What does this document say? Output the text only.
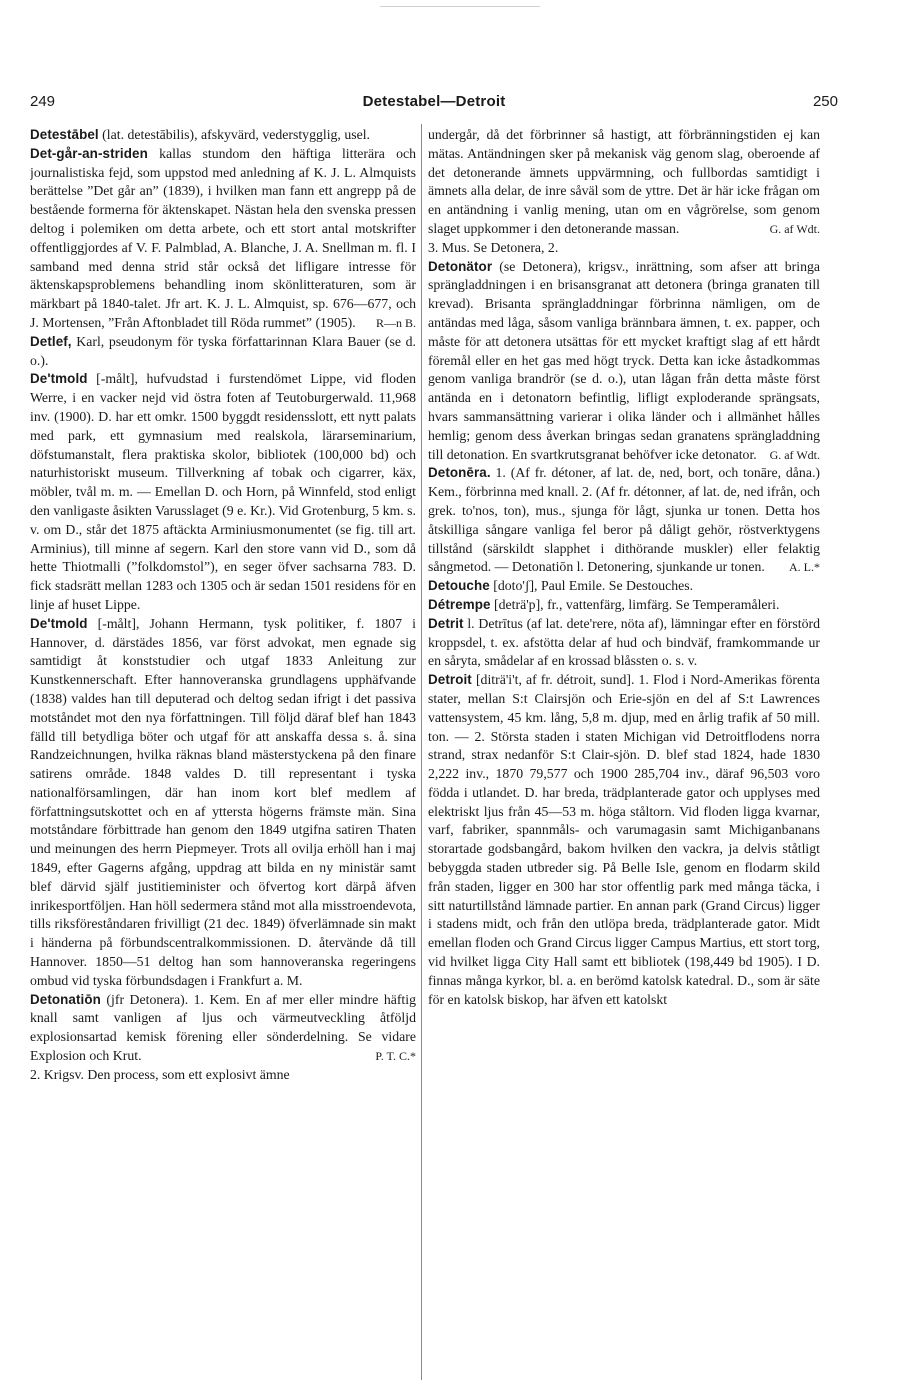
249	Detestabel—Detroit	250

Detestābel (lat. detestābilis), afskyvärd, vederstygglig, usel.

Det-går-an-striden kallas stundom den häftiga litterära och journalistiska fejd, som uppstod med anledning af K. J. L. Almquists berättelse ”Det går an” (1839), i hvilken man fann ett angrepp på de bestående formerna för äktenskapet. Nästan hela den svenska pressen deltog i polemiken om detta arbete, och ett stort antal motskrifter offentliggjordes af V. F. Palmblad, A. Blanche, J. A. Snellman m. fl. I samband med denna strid står också det lifligare intresse för äktenskapsproblemens behandling inom skönlitteraturen, som är märkbart på 1840-talet. Jfr art. K. J. L. Almquist, sp. 676—677, och J. Mortensen, ”Från Aftonbladet till Röda rummet” (1905). R—n B.

Detlef, Karl, pseudonym för tyska författarinnan Klara Bauer (se d. o.).

De'tmold [-målt], hufvudstad i furstendömet Lippe, vid floden Werre, i en vacker nejd vid östra foten af Teutoburgerwald. 11,968 inv. (1900). D. har ett omkr. 1500 byggdt residensslott, ett nytt palats med park, ett gymnasium med realskola, lärarseminarium, döfstumanstalt, flera praktiska skolor, bibliotek (100,000 bd) och naturhistoriskt museum. Tillverkning af tobak och cigarrer, käx, möbler, tvål m. m. — Emellan D. och Horn, på Winnfeld, stod enligt den vanligaste åsikten Varusslaget (9 e. Kr.). Vid Grotenburg, 5 km. s. v. om D., står det 1875 aftäckta Arminiusmonumentet (se fig. till art. Arminius), till minne af segern. Karl den store vann vid D., som då hette Thiotmalli (”folkdomstol”), en seger öfver sachsarna 783. D. fick stadsrätt mellan 1283 och 1305 och är sedan 1501 residens för en linje af huset Lippe.

De'tmold [-målt], Johann Hermann, tysk politiker, f. 1807 i Hannover, d. därstädes 1856, var först advokat, men egnade sig samtidigt åt konststudier och utgaf 1833 Anleitung zur Kunstkennerschaft. Efter hannoveranska grundlagens upphäfvande (1838) valdes han till deputerad och deltog sedan ifrigt i det passiva motståndet mot den nya författningen. Till följd däraf blef han 1843 fälld till betydliga böter och utgaf för att anskaffa dessa s. å. sina Randzeichnungen, hvilka räknas bland mästerstyckena på den finare satirens område. 1848 valdes D. till representant i tyska nationalförsamlingen, där han inom kort blef medlem af författningsutskottet och en af yttersta högerns främste män. Sina motståndare förbittrade han genom den 1849 utgifna satiren Thaten und meinungen des herrn Piepmeyer. Trots all ovilja erhöll han i maj 1849, efter Gagerns afgång, uppdrag att bilda en ny ministär samt blef därvid själf justitieminister och öfvertog kort därpå äfven inrikesportföljen. Han höll sedermera stånd mot alla misstroendevota, tills riksföreståndaren frivilligt (21 dec. 1849) öfverlämnade sin makt i händerna på förbundscentralkommissionen. D. återvände då till Hannover. 1850—51 deltog han som hannoveranska regeringens ombud vid tyska förbundsdagen i Frankfurt a. M.

Detonatiōn (jfr Detonera). 1. Kem. En af mer eller mindre häftig knall samt vanligen af ljus och värmeutveckling åtföljd explosionsartad kemisk förening eller sönderdelning. Se vidare Explosion och Krut.	P. T. C.*

2. Krigsv. Den process, som ett explosivt ämne

undergår, då det förbrinner så hastigt, att förbränningstiden ej kan mätas. Antändningen sker på mekanisk väg genom slag, oberoende af det detonerande ämnets uppvärmning, och fullbordas samtidigt i ämnets alla delar, de inre såväl som de yttre. Det är här icke frågan om en antändning i vanlig mening, utan om en vågrörelse, som genom slaget uppkommer i den detonerande massan.	G. af Wdt.

3. Mus. Se Detonera, 2.

Detonätor (se Detonera), krigsv., inrättning, som afser att bringa sprängladdningen i en brisansgranat att detonera (bringa granaten till krevad). Brisanta sprängladdningar förbrinna nämligen, om de antändas med låga, såsom vanliga brännbara ämnen, t. ex. papper, och måste för att detonera utsättas för ett mycket kraftigt slag af ett hårdt föremål eller en het gas med högt tryck. Detta kan icke åstadkommas genom vanliga brandrör (se d. o.), utan lågan från detta måste först antända en i detonatorn befintlig, lifligt exploderande sprängsats, hvars sammansättning varierar i olika länder och i allmänhet hålles hemlig; genom dess åverkan bringas sedan granatens sprängladdning till detonation. En svartkrutsgranat behöfver icke detonator. G. af Wdt.

Detonēra. 1. (Af fr. détoner, af lat. de, ned, bort, och tonāre, dåna.) Kem., förbrinna med knall. 2. (Af fr. détonner, af lat. de, ned ifrån, och grek. to'nos, ton), mus., sjunga för lågt, sjunka ur tonen. Detta hos åtskilliga sångare vanliga fel beror på dåligt gehör, röstverktygens tillstånd (särskildt slapphet i dithörande muskler) eller felaktig sångmetod. — Detonatiōn l. Detonering, sjunkande ur tonen. A. L.*

Detouche [doto'ʃ], Paul Emile. Se Destouches.

Détrempe [deträ'p], fr., vattenfärg, limfärg. Se Temperamåleri.

Detrit l. Detrītus (af lat. dete'rere, nöta af), lämningar efter en förstörd kroppsdel, t. ex. afstötta delar af hud och bindväf, framkommande ur en såryta, smådelar af en krossad blåssten o. s. v.

Detroit [diträ'i't, af fr. détroit, sund]. 1. Flod i Nord-Amerikas förenta stater, mellan S:t Clairsjön och Erie-sjön en del af S:t Lawrences vattensystem, 45 km. lång, 5,8 m. djup, med en årlig trafik af 50 mill. ton. — 2. Största staden i staten Michigan vid Detroitflodens norra strand, strax nedanför S:t Clair-sjön. D. blef stad 1824, hade 1830 2,222 inv., 1870 79,577 och 1900 285,704 inv., däraf 96,503 voro födda i utlandet. D. har breda, trädplanterade gator och upplyses med elektriskt ljus från 45—53 m. höga ståltorn. Vid floden ligga kvarnar, varf, fabriker, spannmåls- och varumagasin samt Michiganbanans storartade godsbangård, bakom hvilken den vackra, ja delvis ståtligt bebyggda staden utbreder sig. På Belle Isle, genom en flodarm skild från staden, ligger en 300 har stor offentlig park med många täcka, i sitt naturtillstånd lämnade partier. En annan park (Grand Circus) ligger i stadens midt, och från den utlöpa breda, trädplanterade gator. Midt emellan floden och Grand Circus ligger Campus Martius, ett stort torg, vid hvilket ligga City Hall samt ett bibliotek (198,449 bd 1905). I D. finnas många kyrkor, bl. a. en berömd katolsk katedral. D., som är säte för en katolsk biskop, har äfven ett katolskt
